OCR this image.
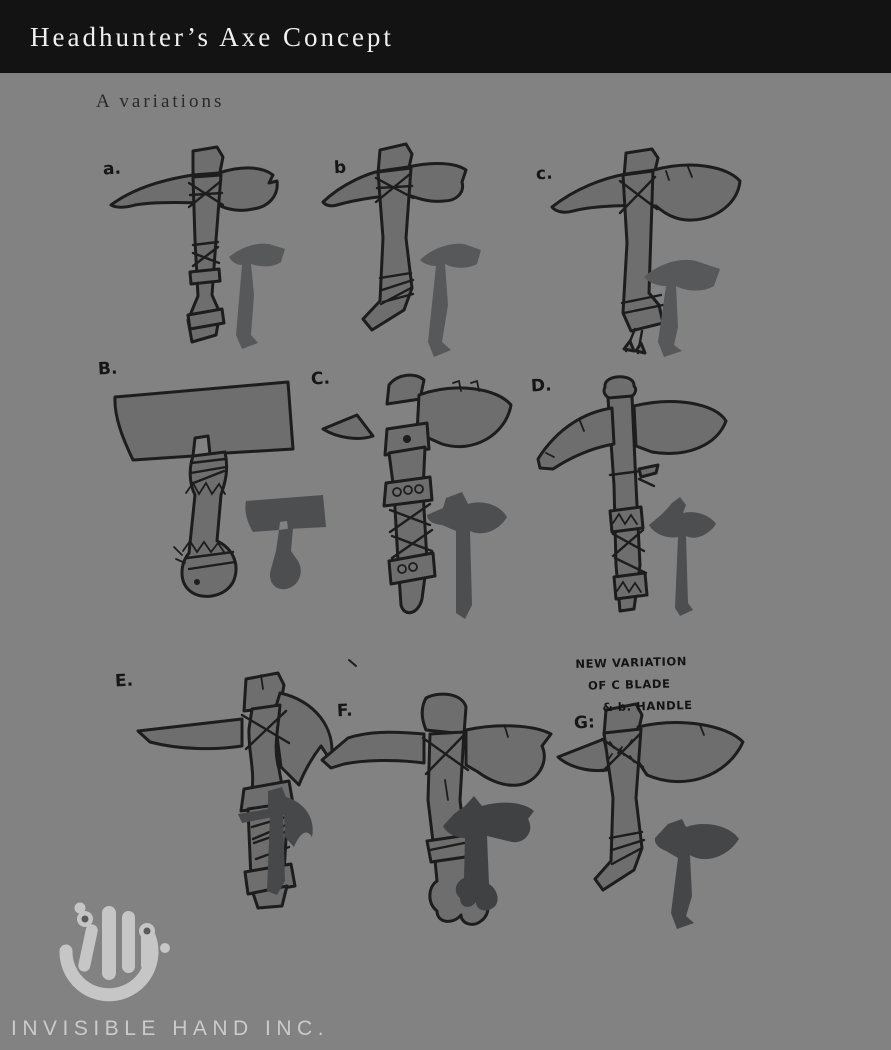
Headhunter’s Axe Concept
A variations
a.	b	c.
B.	C.	D.
E.
F.
G:
NEW VARIATION
OF C BLADE
& b. HANDLE
INVISIBLE HAND INC.
